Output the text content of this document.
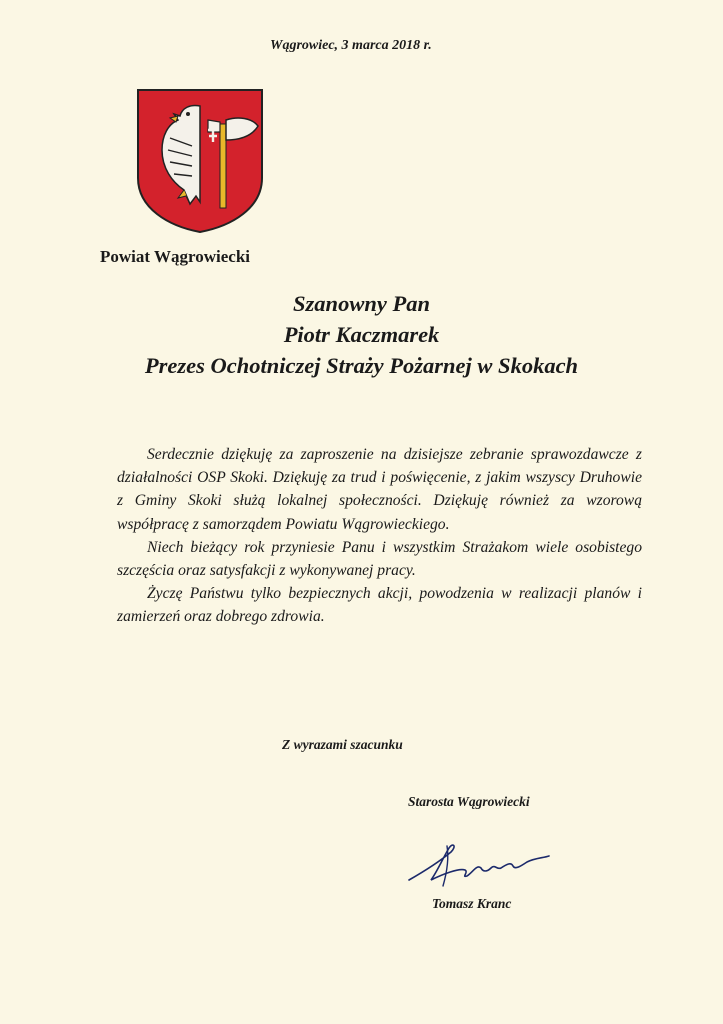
Wągrowiec, 3 marca 2018 r.
Powiat Wągrowiecki
Szanowny Pan
Piotr Kaczmarek
Prezes Ochotniczej Straży Pożarnej w Skokach

Serdecznie dziękuję za zaproszenie na dzisiejsze zebranie sprawozdawcze z działalności OSP Skoki. Dziękuję za trud i poświęcenie, z jakim wszyscy Druhowie z Gminy Skoki służą lokalnej społeczności. Dziękuję również za wzorową współpracę z samorządem Powiatu Wągrowieckiego.

Niech bieżący rok przyniesie Panu i wszystkim Strażakom wiele osobistego szczęścia oraz satysfakcji z wykonywanej pracy.

Życzę Państwu tylko bezpiecznych akcji, powodzenia w realizacji planów i zamierzeń oraz dobrego zdrowia.

Z wyrazami szacunku
Starosta Wągrowiecki
Tomasz Kranc
